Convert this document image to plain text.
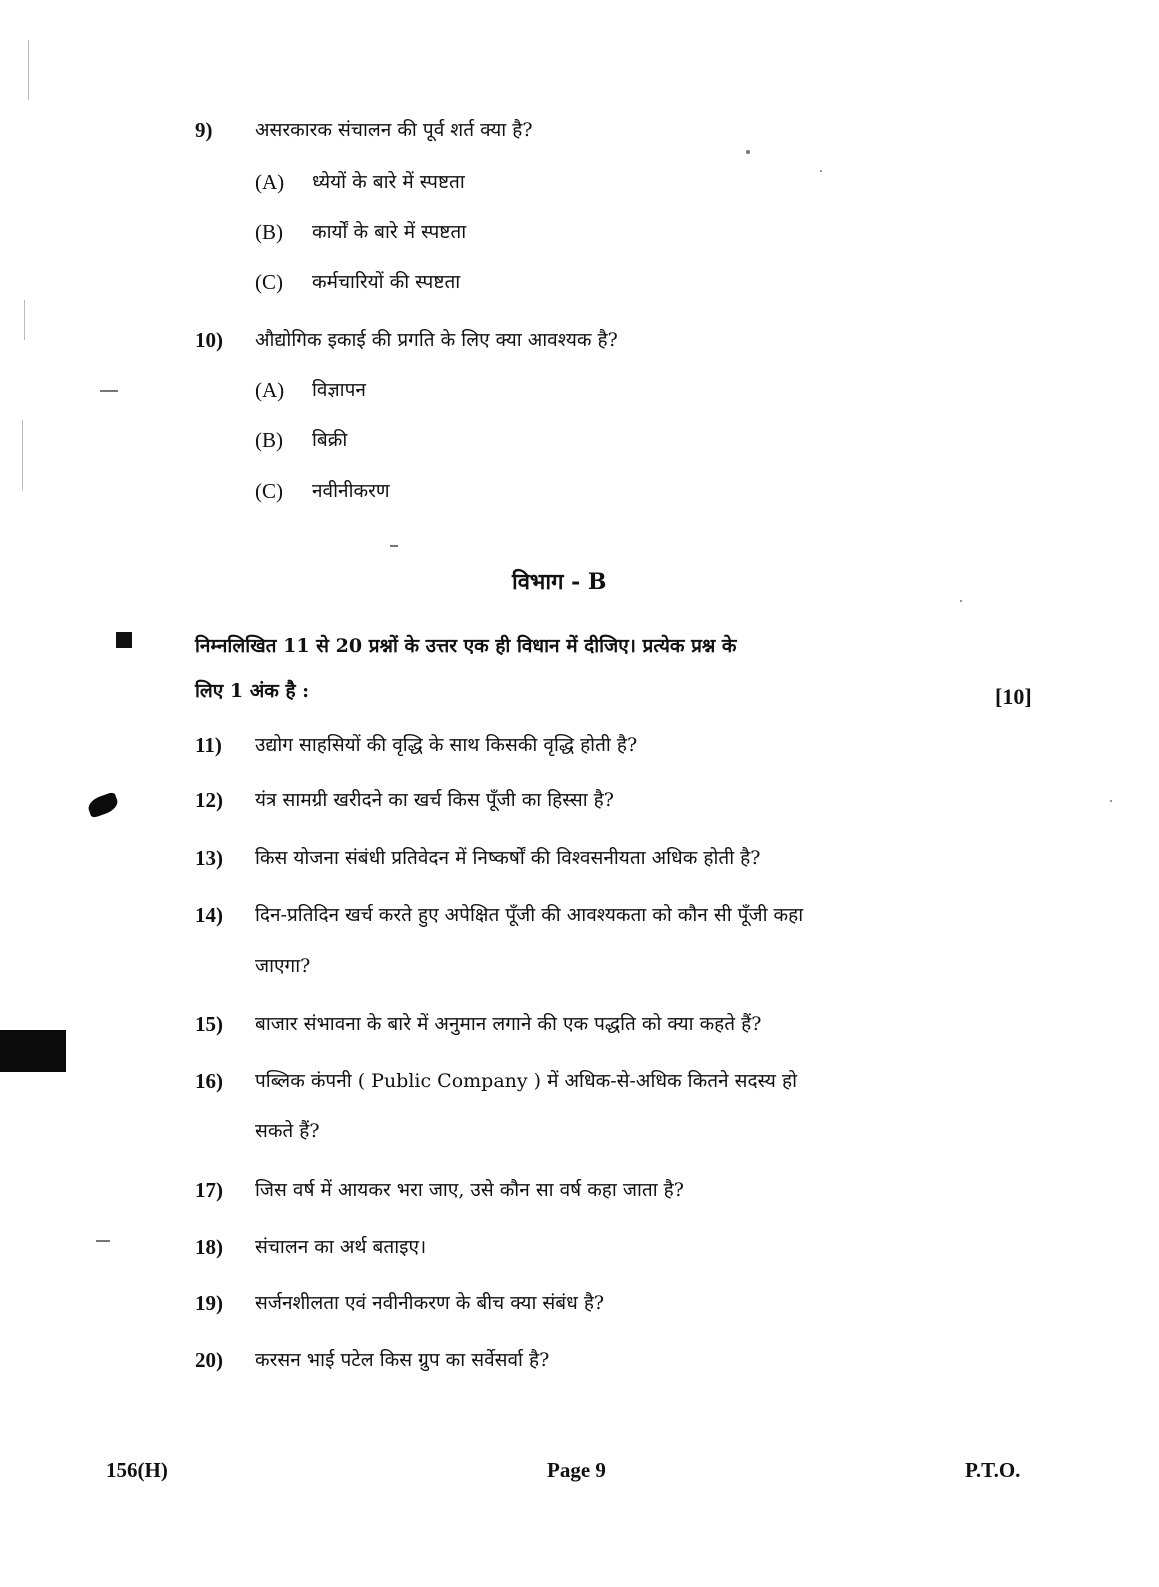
9) असरकारक संचालन की पूर्व शर्त क्या है?
(A) ध्येयों के बारे में स्पष्टता
(B) कार्यों के बारे में स्पष्टता
(C) कर्मचारियों की स्पष्टता
10) औद्योगिक इकाई की प्रगति के लिए क्या आवश्यक है?
(A) विज्ञापन
(B) बिक्री
(C) नवीनीकरण
विभाग - B
निम्नलिखित 11 से 20 प्रश्नों के उत्तर एक ही विधान में दीजिए। प्रत्येक प्रश्न के
लिए 1 अंक है :	[10]
11) उद्योग साहसियों की वृद्धि के साथ किसकी वृद्धि होती है?
12) यंत्र सामग्री खरीदने का खर्च किस पूँजी का हिस्सा है?
13) किस योजना संबंधी प्रतिवेदन में निष्कर्षों की विश्वसनीयता अधिक होती है?
14) दिन-प्रतिदिन खर्च करते हुए अपेक्षित पूँजी की आवश्यकता को कौन सी पूँजी कहा
जाएगा?
15) बाजार संभावना के बारे में अनुमान लगाने की एक पद्धति को क्या कहते हैं?
16) पब्लिक कंपनी ( Public Company ) में अधिक-से-अधिक कितने सदस्य हो
सकते हैं?
17) जिस वर्ष में आयकर भरा जाए, उसे कौन सा वर्ष कहा जाता है?
18) संचालन का अर्थ बताइए।
19) सर्जनशीलता एवं नवीनीकरण के बीच क्या संबंध है?
20) करसन भाई पटेल किस ग्रुप का सर्वेसर्वा है?
156(H)	Page 9	P.T.O.
